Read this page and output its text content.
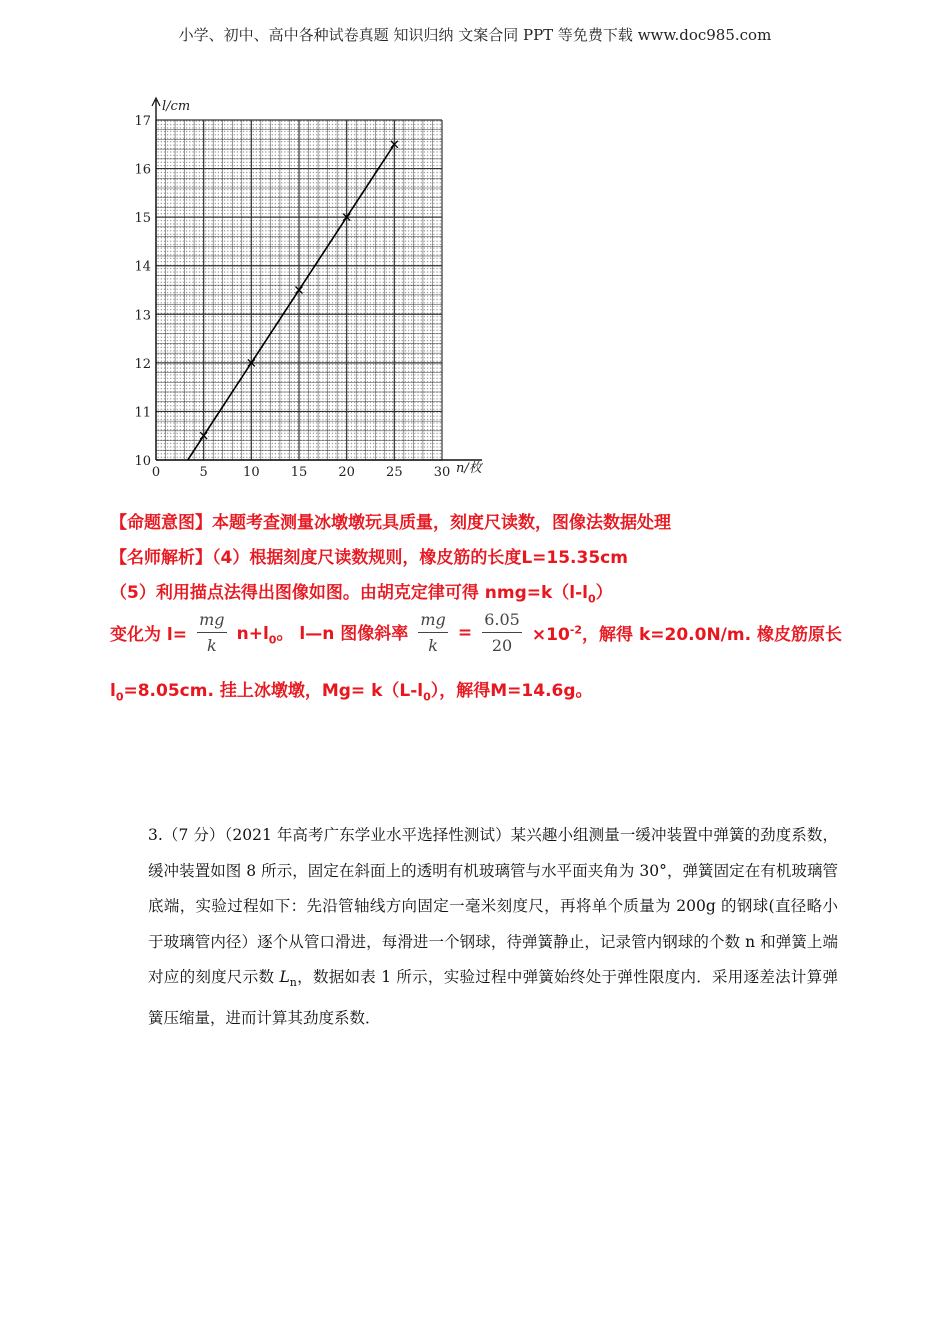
小学、初中、高中各种试卷真题 知识归纳 文案合同 PPT 等免费下载 www.doc985.com
0	5	10 15 20 25 30
10
11
12
13
14
15
16
17
l/cm
n/枚
【命题意图】本题考查测量冰墩墩玩具质量，刻度尺读数，图像法数据处理
【名师解析】（4）根据刻度尺读数规则，橡皮筋的长度L=15.35cm
（5）利用描点法得出图像如图。由胡克定律可得 $nmg=k(l-l_0)$
变化为 $l= \frac{mg}{k} n+l_0$。 l—n 图像斜率 $\frac{mg}{k} = \frac{6.05}{20} \times 10^{-2}$，解得 k=20.0N/m. 橡皮筋原长
$l_0=8.05cm$. 挂上冰墩墩，$Mg= k(L-l_0)$，解得M=14.6g。

3.（7 分）（2021 年高考广东学业水平选择性测试）某兴趣小组测量一缓冲装置中弹簧的劲度系数，缓冲装置如图 8 所示，固定在斜面上的透明有机玻璃管与水平面夹角为 30°，弹簧固定在有机玻璃管底端，实验过程如下：先沿管轴线方向固定一毫米刻度尺，再将单个质量为 200g 的钢球(直径略小于玻璃管内径）逐个从管口滑进，每滑进一个钢球，待弹簧静止，记录管内钢球的个数 n 和弹簧上端对应的刻度尺示数 $L_n$，数据如表 1 所示，实验过程中弹簧始终处于弹性限度内．采用逐差法计算弹簧压缩量，进而计算其劲度系数．
